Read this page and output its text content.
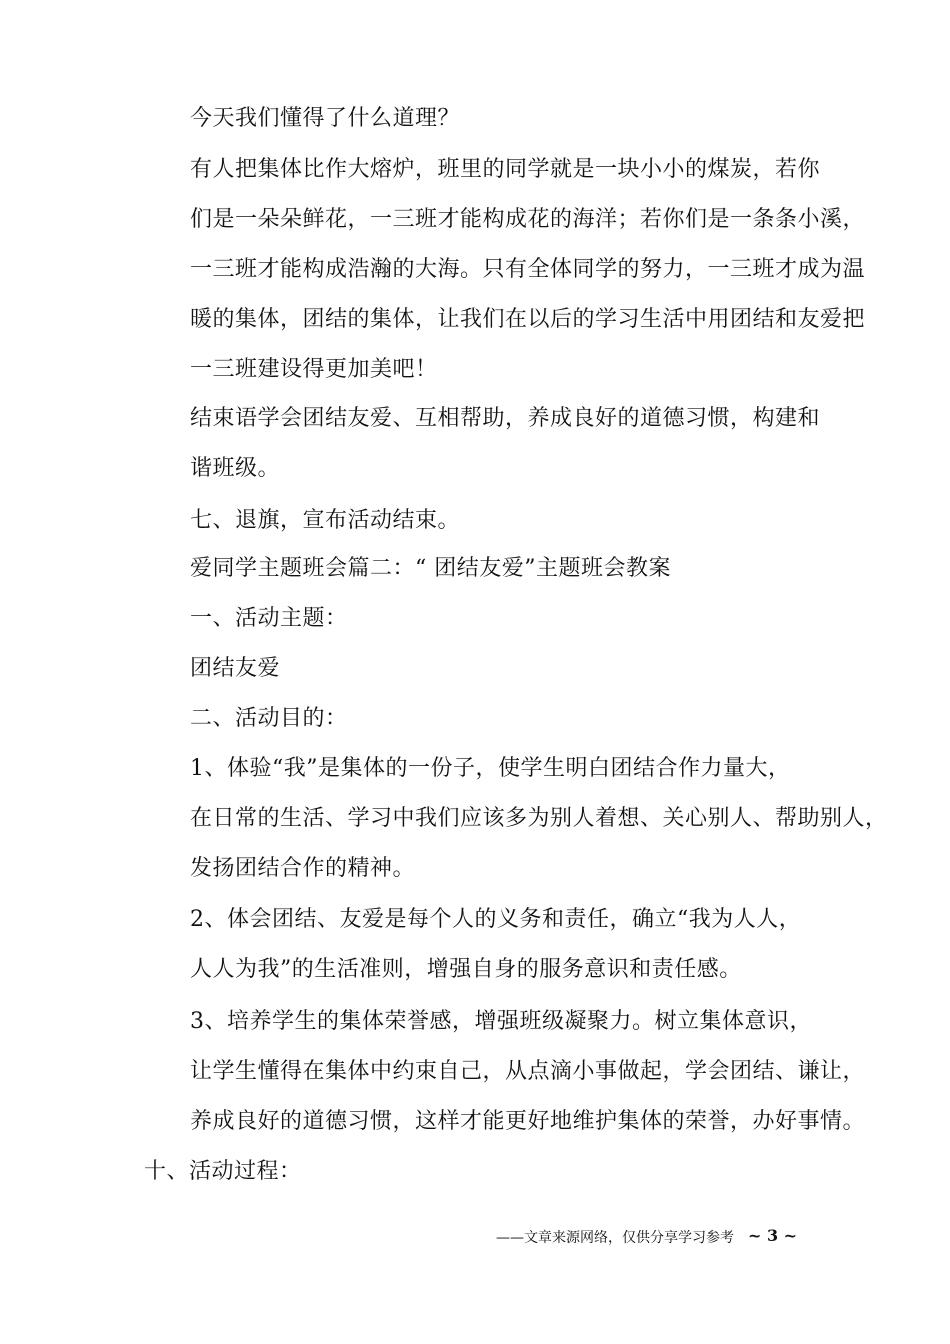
今天我们懂得了什么道理？

有人把集体比作大熔炉，班里的同学就是一块小小的煤炭，若你
们是一朵朵鲜花，一三班才能构成花的海洋；若你们是一条条小溪，
一三班才能构成浩瀚的大海。只有全体同学的努力，一三班才成为温
暖的集体，团结的集体，让我们在以后的学习生活中用团结和友爱把
一三班建设得更加美吧！

结束语学会团结友爱、互相帮助，养成良好的道德习惯，构建和
谐班级。

七、退旗，宣布活动结束。

爱同学主题班会篇二：“ 团结友爱”主题班会教案

一、活动主题：

团结友爱

二、活动目的：

1、体验“我”是集体的一份子，使学生明白团结合作力量大，
在日常的生活、学习中我们应该多为别人着想、关心别人、帮助别人，
发扬团结合作的精神。

2、体会团结、友爱是每个人的义务和责任，确立“我为人人，
人人为我”的生活准则，增强自身的服务意识和责任感。

3、培养学生的集体荣誉感，增强班级凝聚力。树立集体意识，
让学生懂得在集体中约束自己，从点滴小事做起，学会团结、谦让，
养成良好的道德习惯，这样才能更好地维护集体的荣誉，办好事情。

十、活动过程：

——文章来源网络，仅供分享学习参考 ~ 3 ~
